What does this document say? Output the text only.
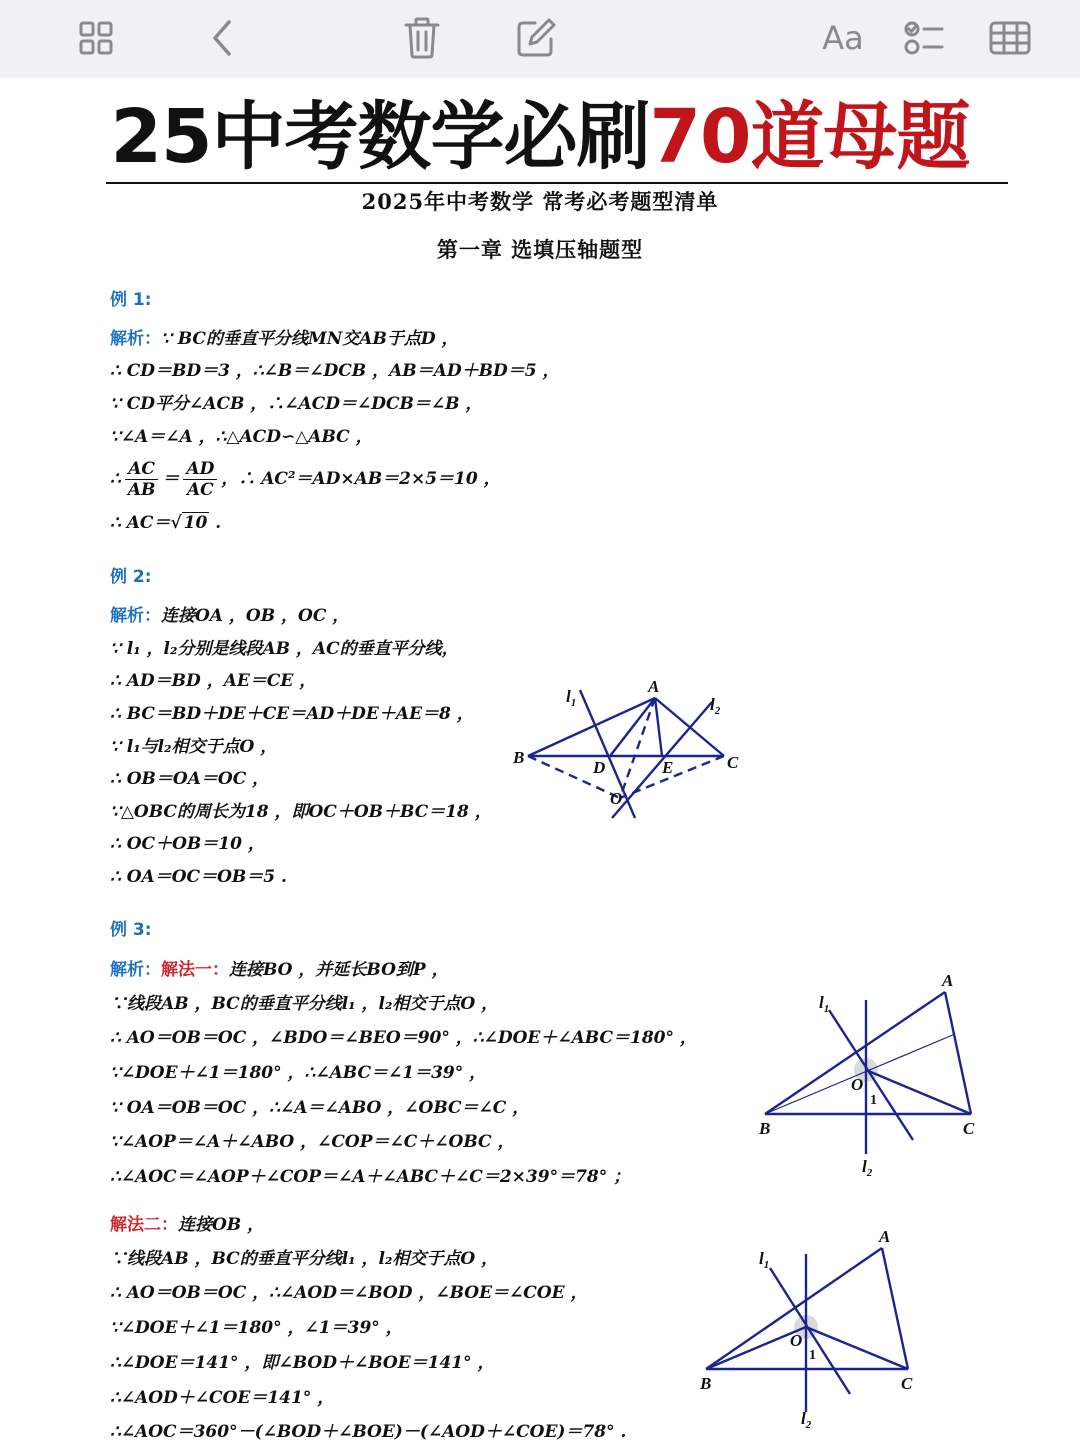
Aa
25中考数学必刷70道母题
2025年中考数学 常考必考题型清单
第一章 选填压轴题型
例 1:
解析：∵ BC的垂直平分线MN交AB于点D ，
∴ CD＝BD＝3 ，∴∠B＝∠DCB ，AB＝AD＋BD＝5 ，
∵ CD平分∠ACB ，∴∠ACD＝∠DCB＝∠B ，
∵∠A＝∠A ，∴△ACD∽△ABC ，
∴ $\frac{AC}{AB} = \frac{AD}{AC}$ ，∴ AC²＝AD×AB＝2×5＝10 ，
∴ AC＝√ 10 .
例 2:
解析：连接OA ，OB ，OC ，
∵ l₁ ，l₂分别是线段AB ，AC的垂直平分线，
∴ AD＝BD ，AE＝CE ，
∴ BC＝BD＋DE＋CE＝AD＋DE＋AE＝8 ，
∵ l₁与l₂相交于点O ，
∴ OB＝OA＝OC ，
∵△OBC的周长为18 ，即OC＋OB＋BC＝18 ，
∴ OC＋OB＝10 ，
∴ OA＝OC＝OB＝5 .
A
B	C
D	E
O
$l_1$	$l_2$
例 3:
解析：解法一：连接BO ，并延长BO到P ，
∵线段AB ，BC的垂直平分线l₁ ，l₂相交于点O ，
∴ AO＝OB＝OC ，∠BDO＝∠BEO＝90° ，∴∠DOE＋∠ABC＝180° ，
∵∠DOE＋∠1＝180° ，∴∠ABC＝∠1＝39° ，
∵ OA＝OB＝OC ，∴∠A＝∠ABO ，∠OBC＝∠C ，
∵∠AOP＝∠A＋∠ABO ，∠COP＝∠C＋∠OBC ，
∴∠AOC＝∠AOP＋∠COP＝∠A＋∠ABC＋∠C＝2×39°＝78° ；
解法二：连接OB ，
∵线段AB ，BC的垂直平分线l₁ ，l₂相交于点O ，
∴ AO＝OB＝OC ，∴∠AOD＝∠BOD ，∠BOE＝∠COE ，
∵∠DOE＋∠1＝180° ，∠1＝39° ，
∴∠DOE＝141° ，即∠BOD＋∠BOE＝141° ，
∴∠AOD＋∠COE＝141° ，
∴∠AOC＝360°－(∠BOD＋∠BOE)－(∠AOD＋∠COE)＝78° .
A
B	C
O
1
$l_1$
$l_2$
A
B	C
O
1
$l_1$
$l_2$
